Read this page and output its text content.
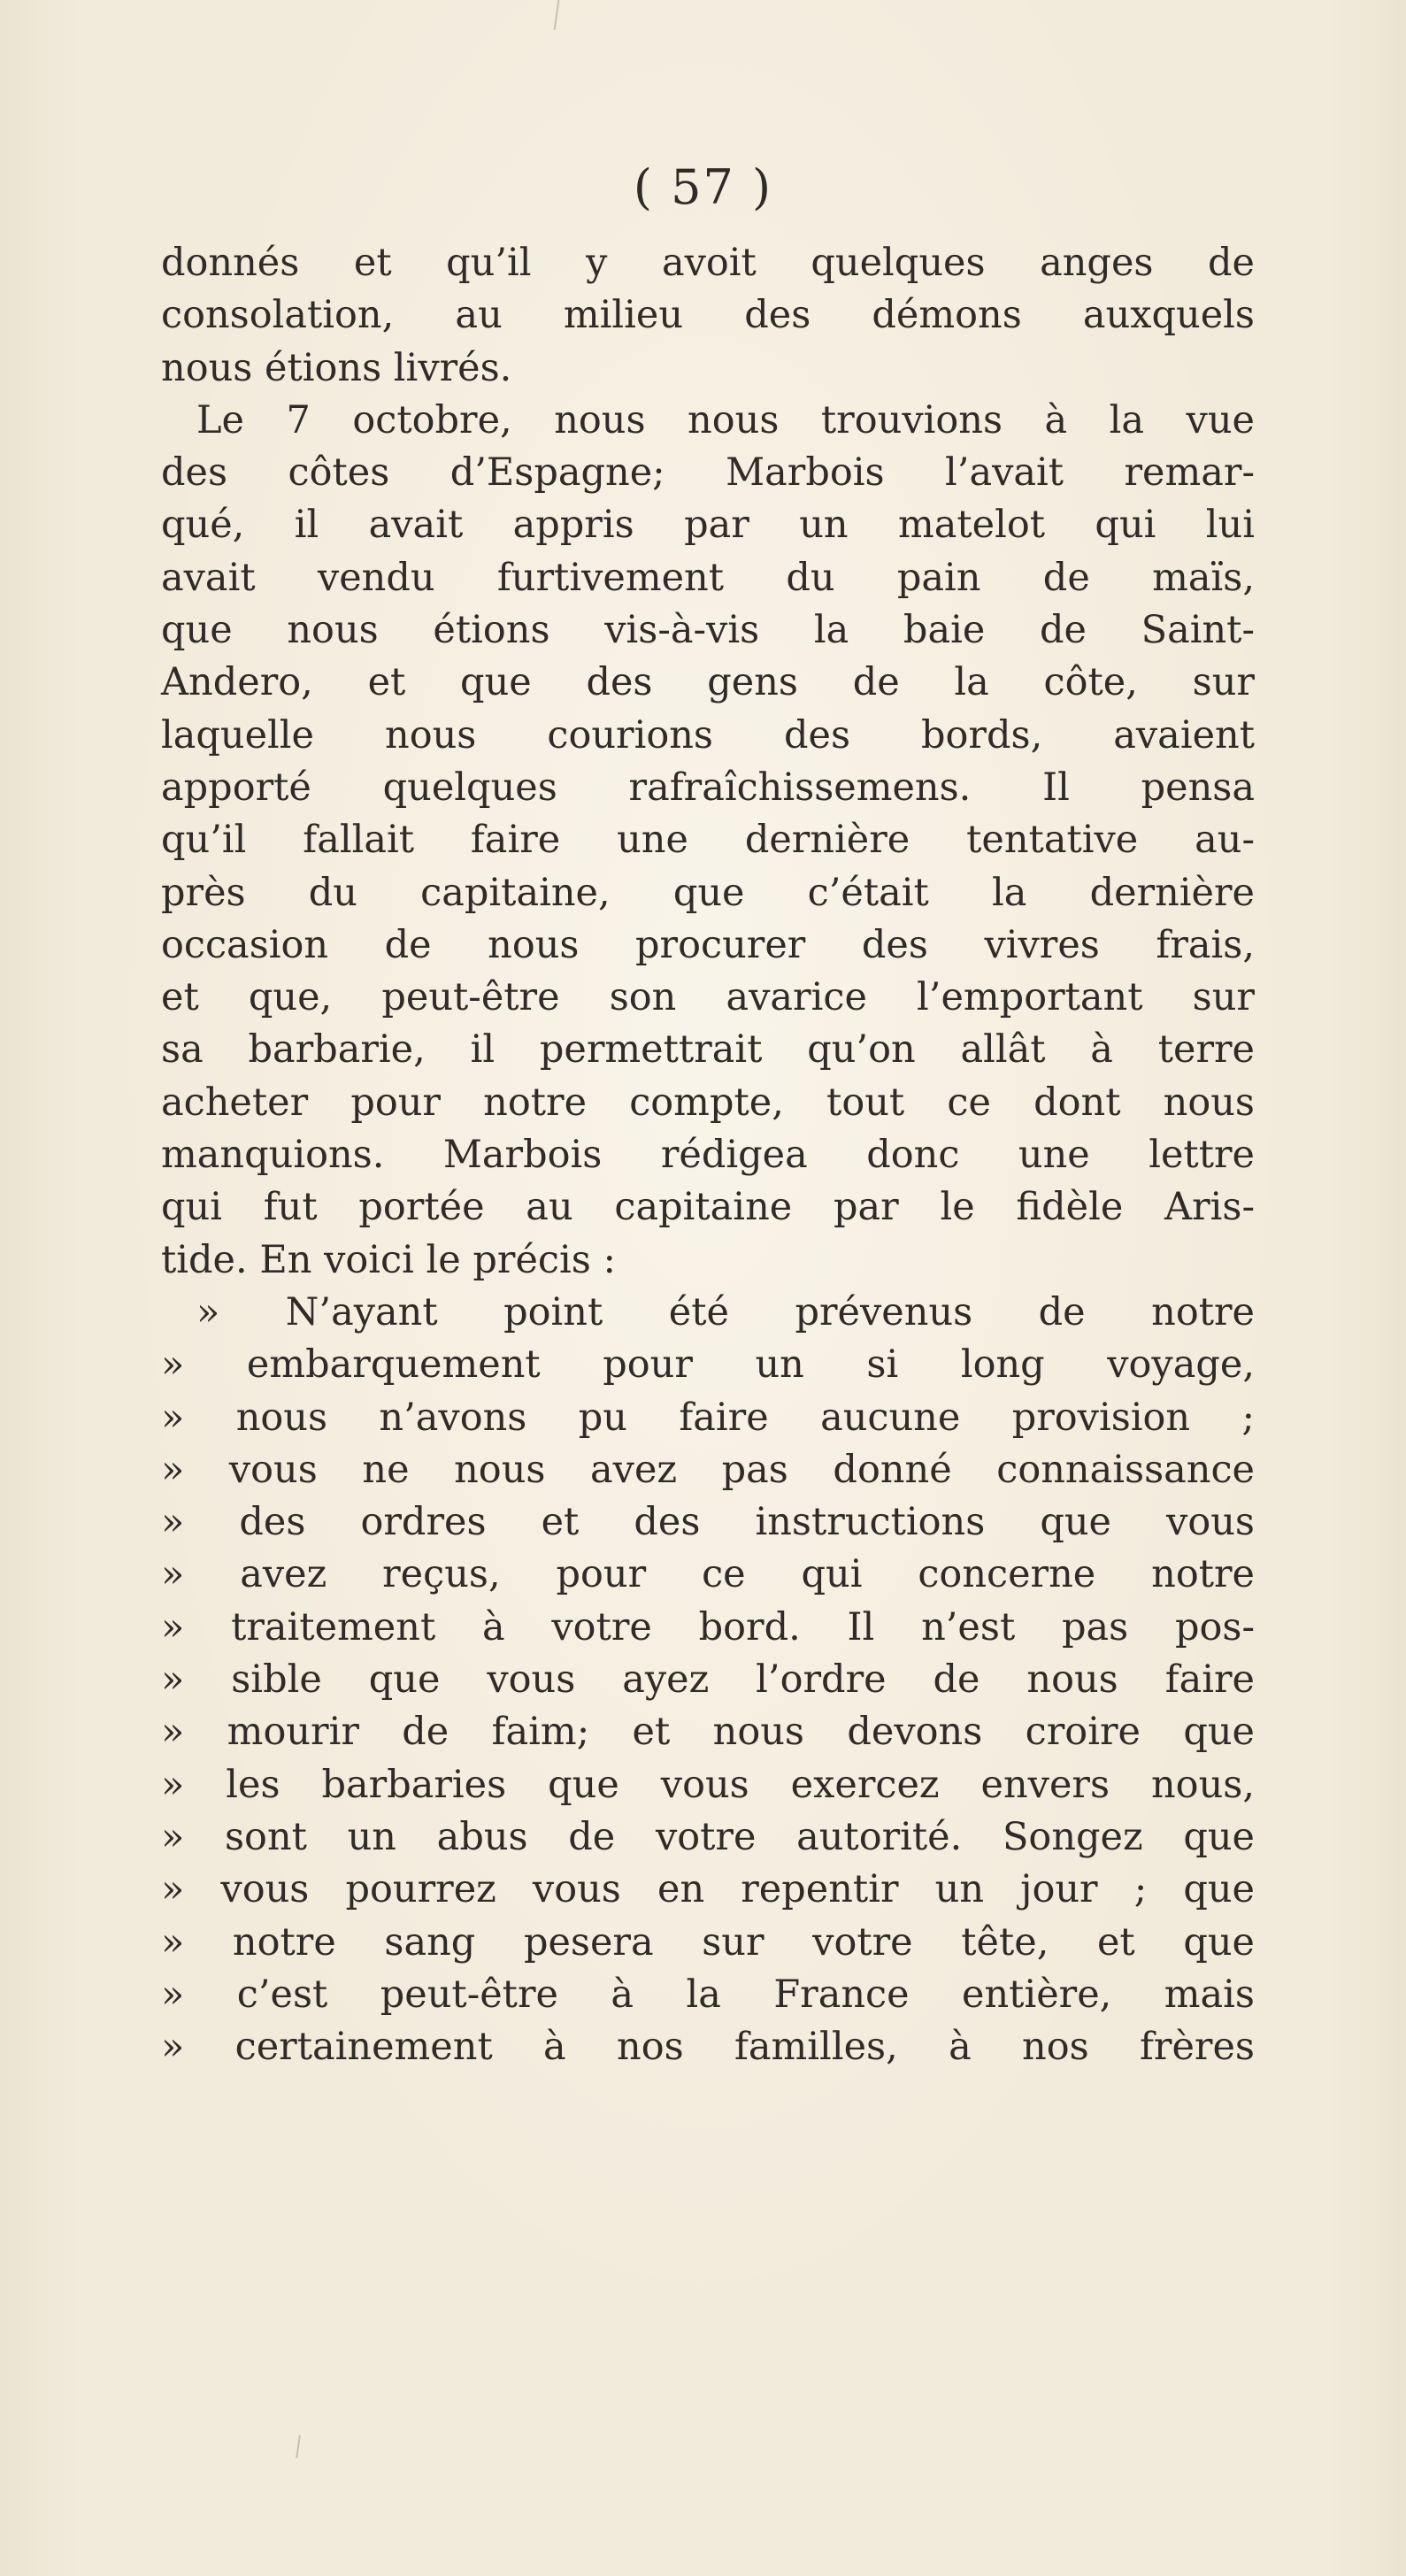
( 57 )
donnés et qu’il y avoit quelques anges de
consolation, au milieu des démons auxquels
nous étions livrés.
Le 7 octobre, nous nous trouvions à la vue
des côtes d’Espagne; Marbois l’avait remar-
qué, il avait appris par un matelot qui lui
avait vendu furtivement du pain de maïs,
que nous étions vis-à-vis la baie de Saint-
Andero, et que des gens de la côte, sur
laquelle nous courions des bords, avaient
apporté quelques rafraîchissemens. Il pensa
qu’il fallait faire une dernière tentative au-
près du capitaine, que c’était la dernière
occasion de nous procurer des vivres frais,
et que, peut-être son avarice l’emportant sur
sa barbarie, il permettrait qu’on allât à terre
acheter pour notre compte, tout ce dont nous
manquions. Marbois rédigea donc une lettre
qui fut portée au capitaine par le fidèle Aris-
tide. En voici le précis :
» N’ayant point été prévenus de notre
» embarquement pour un si long voyage,
» nous n’avons pu faire aucune provision ;
» vous ne nous avez pas donné connaissance
» des ordres et des instructions que vous
» avez reçus, pour ce qui concerne notre
» traitement à votre bord. Il n’est pas pos-
» sible que vous ayez l’ordre de nous faire
» mourir de faim; et nous devons croire que
» les barbaries que vous exercez envers nous,
» sont un abus de votre autorité. Songez que
» vous pourrez vous en repentir un jour ; que
» notre sang pesera sur votre tête, et que
» c’est peut-être à la France entière, mais
» certainement à nos familles, à nos frères
